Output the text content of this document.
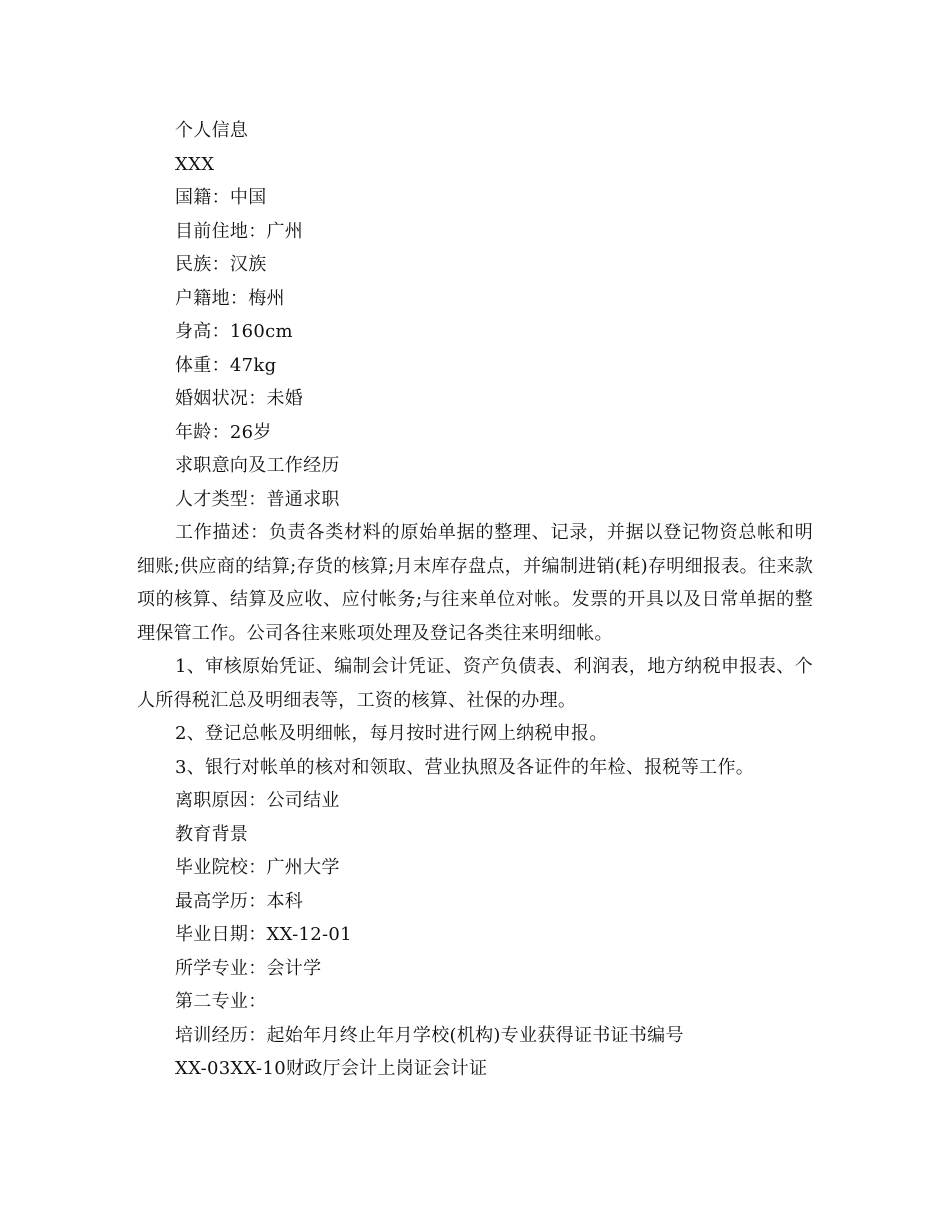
个人信息
XXX
国籍：中国
目前住地：广州
民族：汉族
户籍地：梅州
身高：160cm
体重：47kg
婚姻状况：未婚
年龄：26岁
求职意向及工作经历
人才类型：普通求职

工作描述：负责各类材料的原始单据的整理、记录，并据以登记物资总帐和明细账;供应商的结算;存货的核算;月末库存盘点，并编制进销(耗)存明细报表。往来款项的核算、结算及应收、应付帐务;与往来单位对帐。发票的开具以及日常单据的整理保管工作。公司各往来账项处理及登记各类往来明细帐。

1、审核原始凭证、编制会计凭证、资产负债表、利润表，地方纳税申报表、个人所得税汇总及明细表等，工资的核算、社保的办理。

2、登记总帐及明细帐，每月按时进行网上纳税申报。
3、银行对帐单的核对和领取、营业执照及各证件的年检、报税等工作。
离职原因：公司结业
教育背景
毕业院校：广州大学
最高学历：本科
毕业日期：XX-12-01
所学专业：会计学
第二专业：
培训经历：起始年月终止年月学校(机构)专业获得证书证书编号
XX-03XX-10财政厅会计上岗证会计证
